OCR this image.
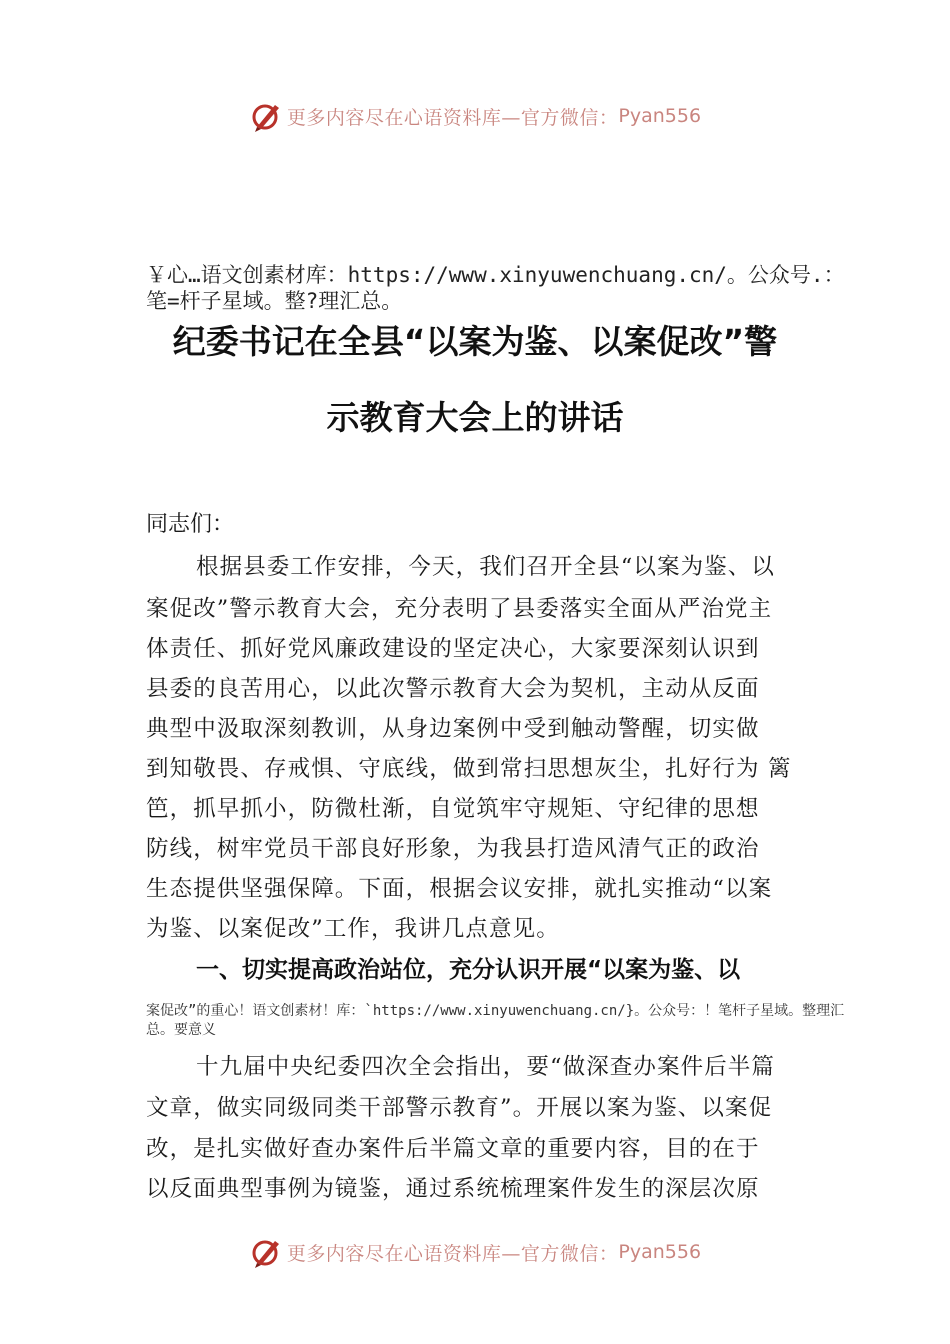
更多内容尽在心语资料库—官方微信： Pyan556
￥心…语文创素材库：https://www.xinyuwenchuang.cn/。公众号.：笔=杆子星域。整?理汇总。
纪委书记在全县“以案为鉴、以案促改”警
示教育大会上的讲话
同志们：
根据县委工作安排，今天，我们召开全县“以案为鉴、以
案促改”警示教育大会，充分表明了县委落实全面从严治党主
体责任、抓好党风廉政建设的坚定决心，大家要深刻认识到
县委的良苦用心，以此次警示教育大会为契机，主动从反面
典型中汲取深刻教训，从身边案例中受到触动警醒，切实做
到知敬畏、存戒惧、守底线，做到常扫思想灰尘，扎好行为 篱
笆，抓早抓小，防微杜渐，自觉筑牢守规矩、守纪律的思想
防线，树牢党员干部良好形象，为我县打造风清气正的政治
生态提供坚强保障。下面，根据会议安排，就扎实推动“以案
为鉴、以案促改”工作，我讲几点意见。
一、切实提高政治站位，充分认识开展“以案为鉴、以
案促改”的重心！语文创素材！库：`https://www.xinyuwenchuang.cn/}。公众号：！笔杆子星域。整理汇总。要意义
十九届中央纪委四次全会指出，要“做深查办案件后半篇
文章，做实同级同类干部警示教育”。开展以案为鉴、以案促
改，是扎实做好查办案件后半篇文章的重要内容，目的在于
以反面典型事例为镜鉴，通过系统梳理案件发生的深层次原
更多内容尽在心语资料库—官方微信： Pyan556
